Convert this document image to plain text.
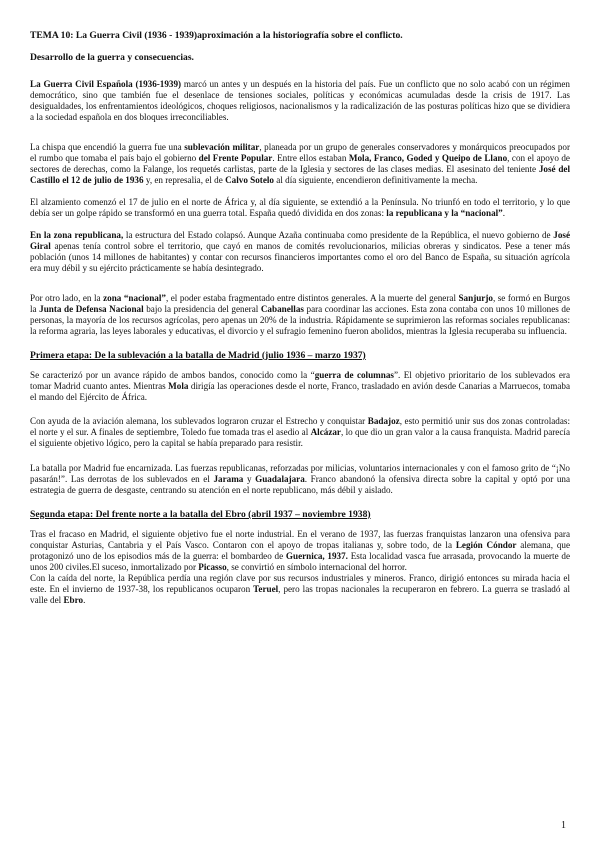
TEMA 10: La Guerra Civil (1936 - 1939)aproximación a la historiografía sobre el conflicto.

Desarrollo de la guerra y consecuencias.

La Guerra Civil Española (1936-1939) marcó un antes y un después en la historia del país. Fue un conflicto que no solo acabó con un régimen democrático, sino que también fue el desenlace de tensiones sociales, políticas y económicas acumuladas desde la crisis de 1917. Las desigualdades, los enfrentamientos ideológicos, choques religiosos, nacionalismos y la radicalización de las posturas políticas hizo que se dividiera a la sociedad española en dos bloques irreconciliables.

La chispa que encendió la guerra fue una sublevación militar, planeada por un grupo de generales conservadores y monárquicos preocupados por el rumbo que tomaba el país bajo el gobierno del Frente Popular. Entre ellos estaban Mola, Franco, Goded y Queipo de Llano, con el apoyo de sectores de derechas, como la Falange, los requetés carlistas, parte de la Iglesia y sectores de las clases medias. El asesinato del teniente José del Castillo el 12 de julio de 1936 y, en represalia, el de Calvo Sotelo al día siguiente, encendieron definitivamente la mecha.

El alzamiento comenzó el 17 de julio en el norte de África y, al día siguiente, se extendió a la Península. No triunfó en todo el territorio, y lo que debía ser un golpe rápido se transformó en una guerra total. España quedó dividida en dos zonas: la republicana y la “nacional”.

En la zona republicana, la estructura del Estado colapsó. Aunque Azaña continuaba como presidente de la República, el nuevo gobierno de José Giral apenas tenía control sobre el territorio, que cayó en manos de comités revolucionarios, milicias obreras y sindicatos. Pese a tener más población (unos 14 millones de habitantes) y contar con recursos financieros importantes como el oro del Banco de España, su situación agrícola era muy débil y su ejército prácticamente se había desintegrado.

Por otro lado, en la zona “nacional”, el poder estaba fragmentado entre distintos generales. A la muerte del general Sanjurjo, se formó en Burgos la Junta de Defensa Nacional bajo la presidencia del general Cabanellas para coordinar las acciones. Esta zona contaba con unos 10 millones de personas, la mayoría de los recursos agrícolas, pero apenas un 20% de la industria. Rápidamente se suprimieron las reformas sociales republicanas: la reforma agraria, las leyes laborales y educativas, el divorcio y el sufragio femenino fueron abolidos, mientras la Iglesia recuperaba su influencia.

Primera etapa: De la sublevación a la batalla de Madrid (julio 1936 – marzo 1937)

Se caracterizó por un avance rápido de ambos bandos, conocido como la “guerra de columnas”. El objetivo prioritario de los sublevados era tomar Madrid cuanto antes. Mientras Mola dirigía las operaciones desde el norte, Franco, trasladado en avión desde Canarias a Marruecos, tomaba el mando del Ejército de África.

Con ayuda de la aviación alemana, los sublevados lograron cruzar el Estrecho y conquistar Badajoz, esto permitió unir sus dos zonas controladas: el norte y el sur. A finales de septiembre, Toledo fue tomada tras el asedio al Alcázar, lo que dio un gran valor a la causa franquista. Madrid parecía el siguiente objetivo lógico, pero la capital se había preparado para resistir.

La batalla por Madrid fue encarnizada. Las fuerzas republicanas, reforzadas por milicias, voluntarios internacionales y con el famoso grito de “¡No pasarán!”. Las derrotas de los sublevados en el Jarama y Guadalajara. Franco abandonó la ofensiva directa sobre la capital y optó por una estrategia de guerra de desgaste, centrando su atención en el norte republicano, más débil y aislado.

Segunda etapa: Del frente norte a la batalla del Ebro (abril 1937 – noviembre 1938)

Tras el fracaso en Madrid, el siguiente objetivo fue el norte industrial. En el verano de 1937, las fuerzas franquistas lanzaron una ofensiva para conquistar Asturias, Cantabria y el País Vasco. Contaron con el apoyo de tropas italianas y, sobre todo, de la Legión Cóndor alemana, que protagonizó uno de los episodios más de la guerra: el bombardeo de Guernica, 1937. Esta localidad vasca fue arrasada, provocando la muerte de unos 200 civiles.El suceso, inmortalizado por Picasso, se convirtió en símbolo internacional del horror.

Con la caída del norte, la República perdía una región clave por sus recursos industriales y mineros. Franco, dirigió entonces su mirada hacia el este. En el invierno de 1937-38, los republicanos ocuparon Teruel, pero las tropas nacionales la recuperaron en febrero. La guerra se trasladó al valle del Ebro.

1
